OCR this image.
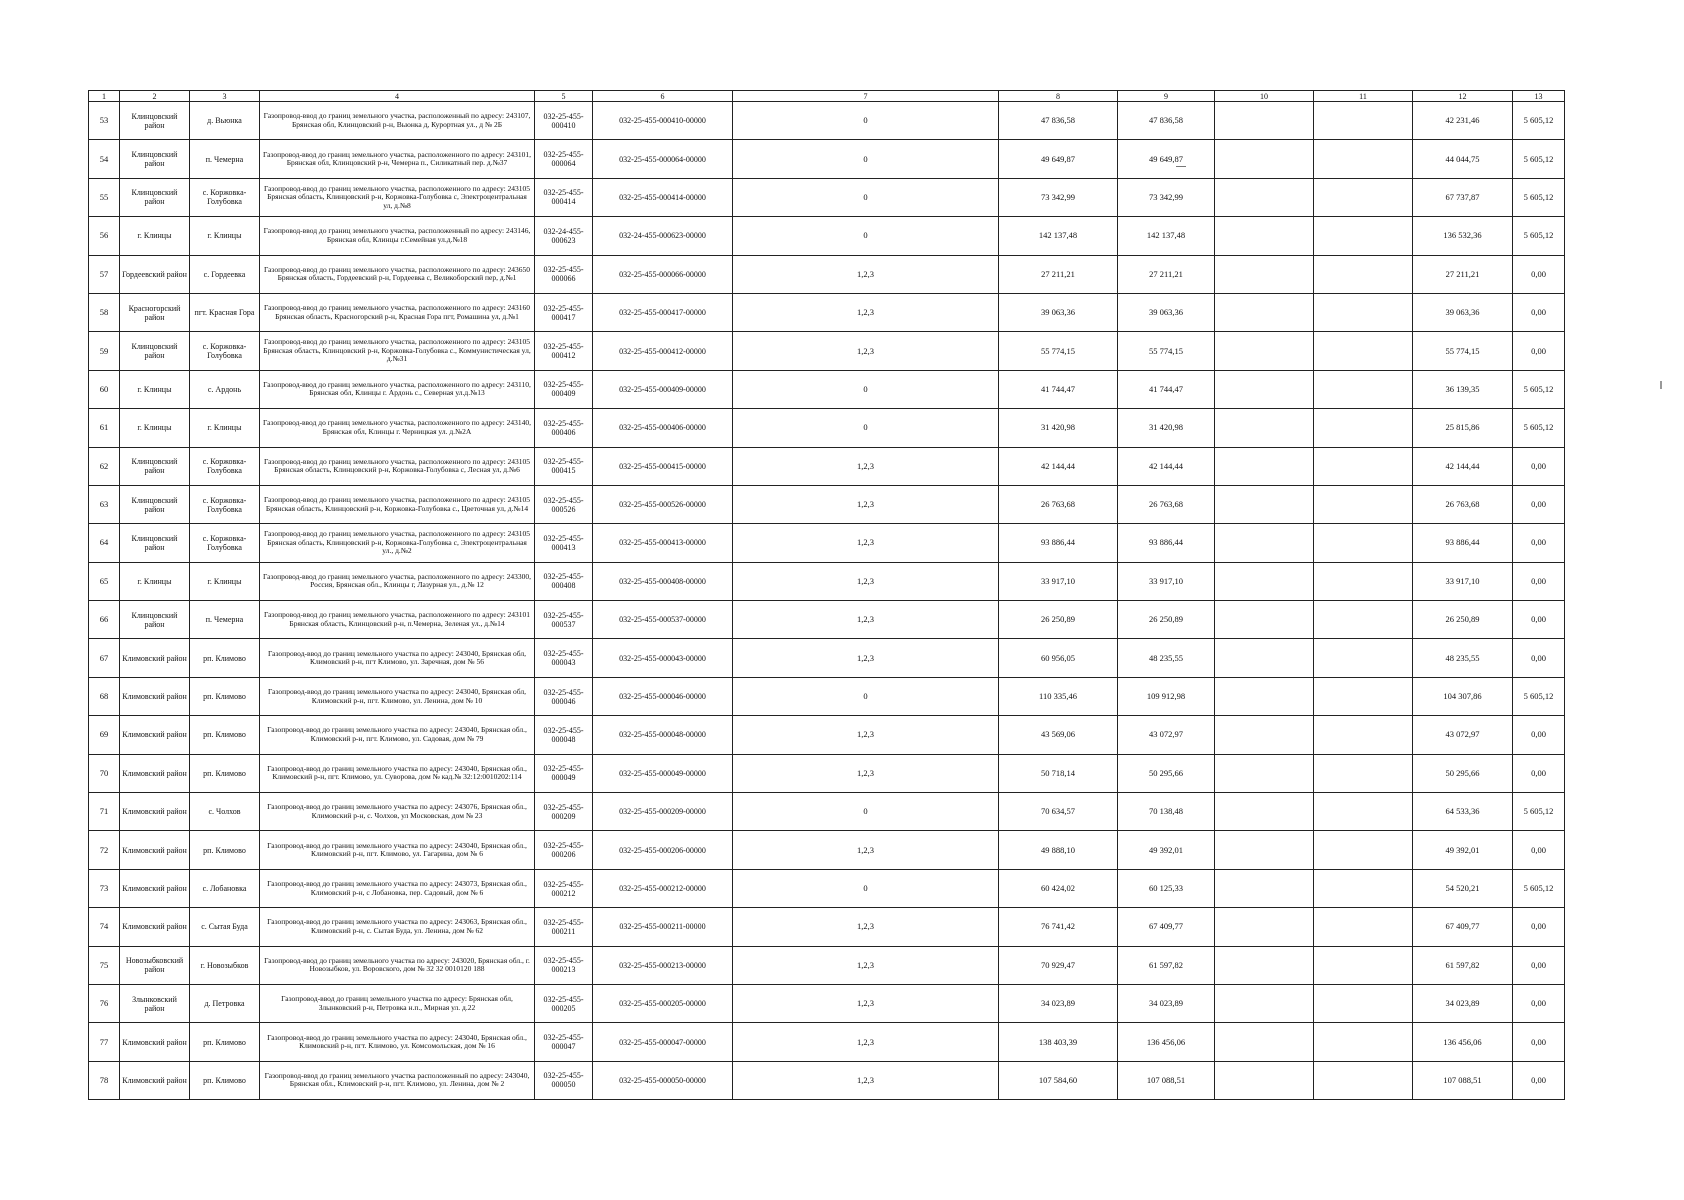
1	2	3	4	5	6	7	8	9	10	11	12	13
53	Клинцовский район	д. Вьюнка	Газопровод-ввод до границ земельного участка, расположенный по адресу: 243107, Брянская обл, Клинцовский р-н, Вьюнка д, Курортная ул., д № 2Б	032-25-455-000410	032-25-455-000410-00000	0	47 836,58	47 836,58			42 231,46	5 605,12
54	Клинцовский район	п. Чемерна	Газопровод-ввод до границ земельного участка, расположенного по адресу: 243101, Брянская обл, Клинцовский р-н, Чемерна п., Силикатный пер. д.№37	032-25-455-000064	032-25-455-000064-00000	0	49 649,87	49 649,87			44 044,75	5 605,12
55	Клинцовский район	с. Коржовка-Голубовка	Газопровод-ввод до границ земельного участка, расположенного по адресу: 243105 Брянская область, Клинцовский р-н, Коржовка-Голубовка с, Электроцентральная ул, д.№8	032-25-455-000414	032-25-455-000414-00000	0	73 342,99	73 342,99			67 737,87	5 605,12
56	г. Клинцы	г. Клинцы	Газопровод-ввод до границ земельного участка, расположенный по адресу: 243146, Брянская обл, Клинцы г.Семейная ул.д.№18	032-24-455-000623	032-24-455-000623-00000	0	142 137,48	142 137,48			136 532,36	5 605,12
57	Гордеевский район	с. Гордеевка	Газопровод-ввод до границ земельного участка, расположенного по адресу: 243650 Брянская область, Гордеевский р-н, Гордеевка с, Великоборский пер, д.№1	032-25-455-000066	032-25-455-000066-00000	1,2,3	27 211,21	27 211,21			27 211,21	0,00
58	Красногорский район	пгт. Красная Гора	Газопровод-ввод до границ земельного участка, расположенного по адресу: 243160 Брянская область, Красногорский р-н, Красная Гора пгт, Ромашина ул, д.№1	032-25-455-000417	032-25-455-000417-00000	1,2,3	39 063,36	39 063,36			39 063,36	0,00
59	Клинцовский район	с. Коржовка-Голубовка	Газопровод-ввод до границ земельного участка, расположенного по адресу: 243105 Брянская область, Клинцовский р-н, Коржовка-Голубовка с., Коммунистическая ул, д.№31	032-25-455-000412	032-25-455-000412-00000	1,2,3	55 774,15	55 774,15			55 774,15	0,00
60	г. Клинцы	с. Ардонь	Газопровод-ввод до границ земельного участка, расположенного по адресу: 243110, Брянская обл, Клинцы г. Ардонь с., Северная ул.д.№13	032-25-455-000409	032-25-455-000409-00000	0	41 744,47	41 744,47			36 139,35	5 605,12
61	г. Клинцы	г. Клинцы	Газопровод-ввод до границ земельного участка, расположенного по адресу: 243140, Брянская обл, Клинцы г. Черницкая ул. д.№2А	032-25-455-000406	032-25-455-000406-00000	0	31 420,98	31 420,98			25 815,86	5 605,12
62	Клинцовский район	с. Коржовка-Голубовка	Газопровод-ввод до границ земельного участка, расположенного по адресу: 243105 Брянская область, Клинцовский р-н, Коржовка-Голубовка с, Лесная ул, д.№6	032-25-455-000415	032-25-455-000415-00000	1,2,3	42 144,44	42 144,44			42 144,44	0,00
63	Клинцовский район	с. Коржовка-Голубовка	Газопровод-ввод до границ земельного участка, расположенного по адресу: 243105 Брянская область, Клинцовский р-н, Коржовка-Голубовка с., Цветочная ул, д.№14	032-25-455-000526	032-25-455-000526-00000	1,2,3	26 763,68	26 763,68			26 763,68	0,00
64	Клинцовский район	с. Коржовка-Голубовка	Газопровод-ввод до границ земельного участка, расположенного по адресу: 243105 Брянская область, Клинцовский р-н, Коржовка-Голубовка с, Электроцентральная ул., д.№2	032-25-455-000413	032-25-455-000413-00000	1,2,3	93 886,44	93 886,44			93 886,44	0,00
65	г. Клинцы	г. Клинцы	Газопровод-ввод до границ земельного участка, расположенного по адресу: 243300, Россия, Брянская обл., Клинцы г, Лазурная ул., д.№ 12	032-25-455-000408	032-25-455-000408-00000	1,2,3	33 917,10	33 917,10			33 917,10	0,00
66	Клинцовский район	п. Чемерна	Газопровод-ввод до границ земельного участка, расположенного по адресу: 243101 Брянская область, Клинцовский р-н, п.Чемерна, Зеленая ул., д.№14	032-25-455-000537	032-25-455-000537-00000	1,2,3	26 250,89	26 250,89			26 250,89	0,00
67	Климовский район	рп. Климово	Газопровод-ввод до границ земельного участка по адресу: 243040, Брянская обл, Климовский р-н, пгт Климово, ул. Заречная, дом № 56	032-25-455-000043	032-25-455-000043-00000	1,2,3	60 956,05	48 235,55			48 235,55	0,00
68	Климовский район	рп. Климово	Газопровод-ввод до границ земельного участка по адресу: 243040, Брянская обл, Климовский р-н, пгт. Климово, ул. Ленина, дом № 10	032-25-455-000046	032-25-455-000046-00000	0	110 335,46	109 912,98			104 307,86	5 605,12
69	Климовский район	рп. Климово	Газопровод-ввод до границ земельного участка по адресу: 243040, Брянская обл., Климовский р-н, пгт. Климово, ул. Садовая, дом № 79	032-25-455-000048	032-25-455-000048-00000	1,2,3	43 569,06	43 072,97			43 072,97	0,00
70	Климовский район	рп. Климово	Газопровод-ввод до границ земельного участка по адресу: 243040, Брянская обл., Климовский р-н, пгт. Климово, ул. Суворова, дом № кад.№ 32:12:0010202:114	032-25-455-000049	032-25-455-000049-00000	1,2,3	50 718,14	50 295,66			50 295,66	0,00
71	Климовский район	с. Чолхов	Газопровод-ввод до границ земельного участка по адресу: 243076, Брянская обл., Климовский р-н, с. Чолхов, ул Московская, дом № 23	032-25-455-000209	032-25-455-000209-00000	0	70 634,57	70 138,48			64 533,36	5 605,12
72	Климовский район	рп. Климово	Газопровод-ввод до границ земельного участка по адресу: 243040, Брянская обл., Климовский р-н, пгт. Климово, ул. Гагарина, дом № 6	032-25-455-000206	032-25-455-000206-00000	1,2,3	49 888,10	49 392,01			49 392,01	0,00
73	Климовский район	с. Лобановка	Газопровод-ввод до границ земельного участка по адресу: 243073, Брянская обл., Климовский р-н, с Лобановка, пер. Садовый, дом № 6	032-25-455-000212	032-25-455-000212-00000	0	60 424,02	60 125,33			54 520,21	5 605,12
74	Климовский район	с. Сытая Буда	Газопровод-ввод до границ земельного участка по адресу: 243063, Брянская обл., Климовский р-н, с. Сытая Буда, ул. Ленина, дом № 62	032-25-455-000211	032-25-455-000211-00000	1,2,3	76 741,42	67 409,77			67 409,77	0,00
75	Новозыбковский район	г. Новозыбков	Газопровод-ввод до границ земельного участка по адресу: 243020, Брянская обл., г. Новозыбков, ул. Воровского, дом № 32 32 0010120 188	032-25-455-000213	032-25-455-000213-00000	1,2,3	70 929,47	61 597,82			61 597,82	0,00
76	Злынковский район	д. Петровка	Газопровод-ввод до границ земельного участка по адресу: Брянская обл, Злынковский р-н, Петровка н.п., Мирная ул. д.22	032-25-455-000205	032-25-455-000205-00000	1,2,3	34 023,89	34 023,89			34 023,89	0,00
77	Климовский район	рп. Климово	Газопровод-ввод до границ земельного участка по адресу: 243040, Брянская обл., Климовский р-н, пгт. Климово, ул. Комсомольская, дом № 16	032-25-455-000047	032-25-455-000047-00000	1,2,3	138 403,39	136 456,06			136 456,06	0,00
78	Климовский район	рп. Климово	Газопровод-ввод до границ земельного участка расположенный по адресу: 243040, Брянская обл., Климовский р-н, пгт. Климово, ул. Ленина, дом № 2	032-25-455-000050	032-25-455-000050-00000	1,2,3	107 584,60	107 088,51			107 088,51	0,00
